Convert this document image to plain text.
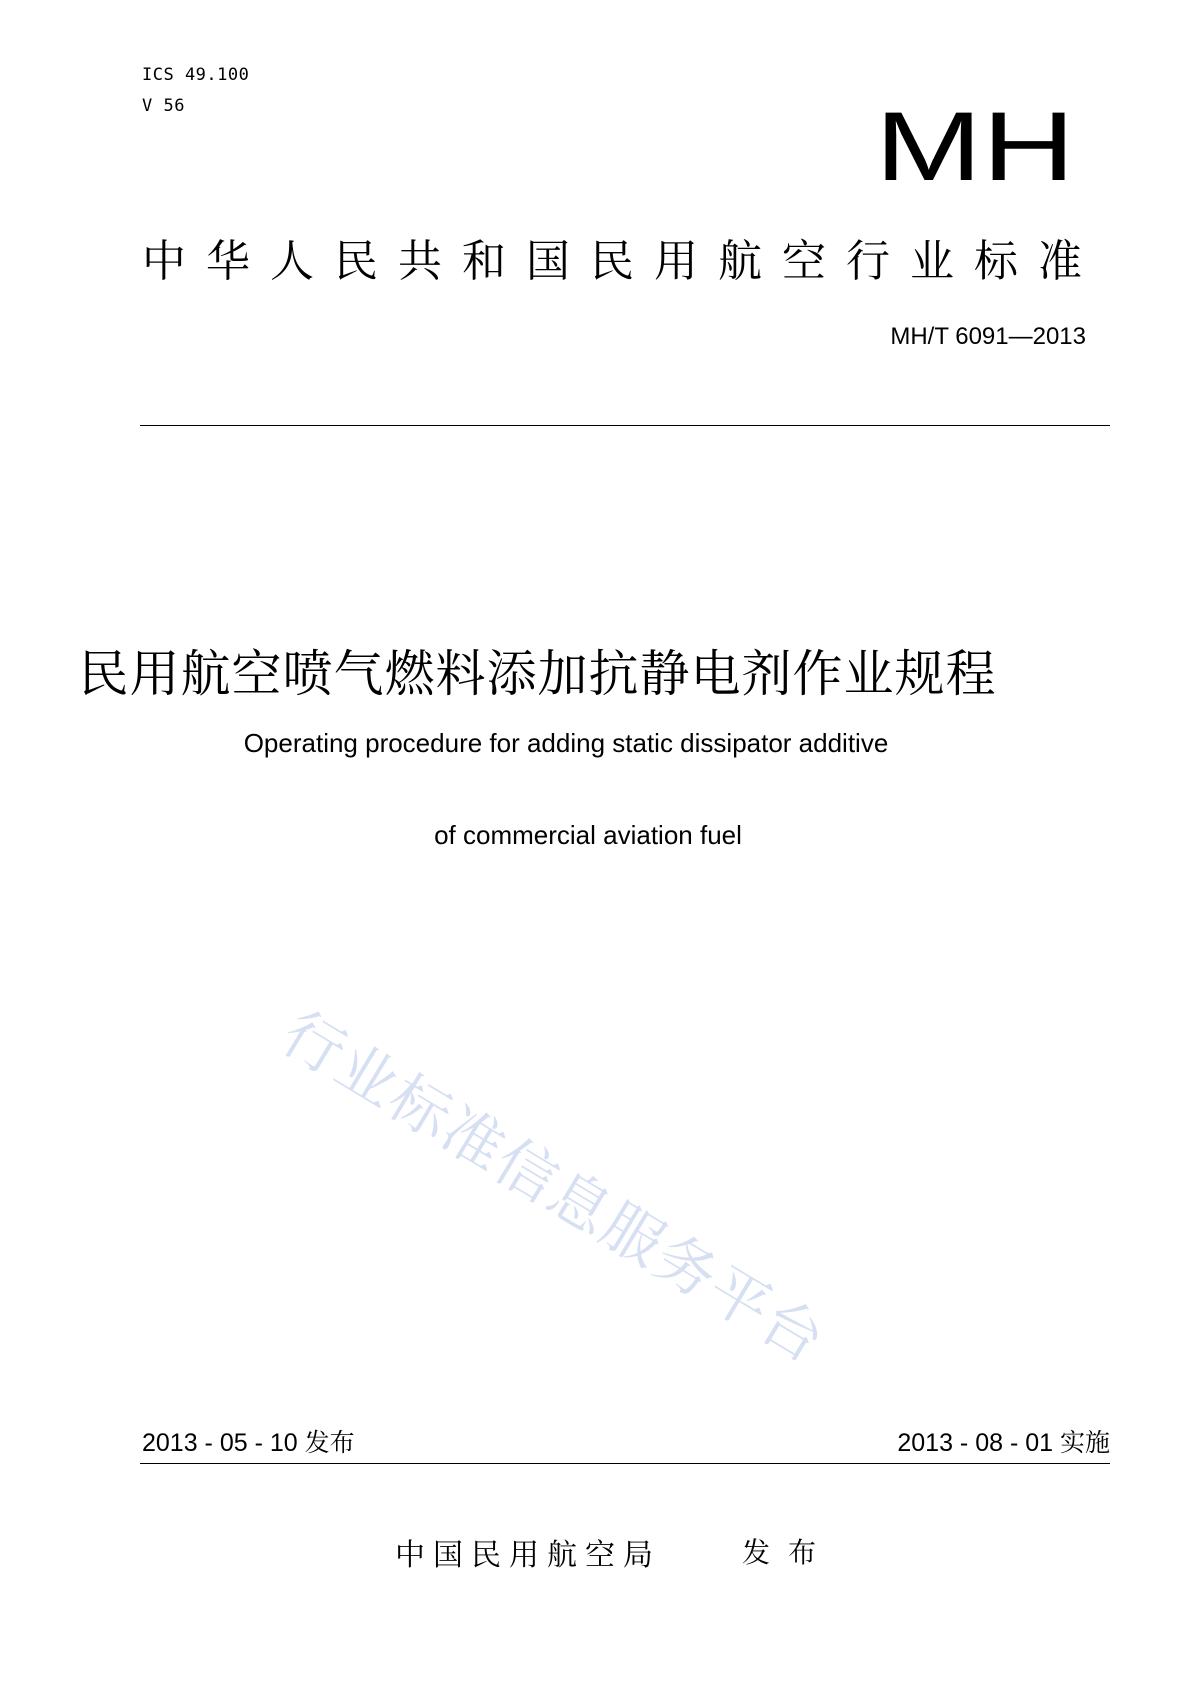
ICS 49.100
V 56	MH
中华人民共和国民用航空行业标准
MH/T 6091—2013
民用航空喷气燃料添加抗静电剂作业规程
Operating procedure for adding static dissipator additive
of commercial aviation fuel
行业标准信息服务平台
2013 - 05 - 10 发布	2013 - 08 - 01 实施
中国民用航空局	发布
